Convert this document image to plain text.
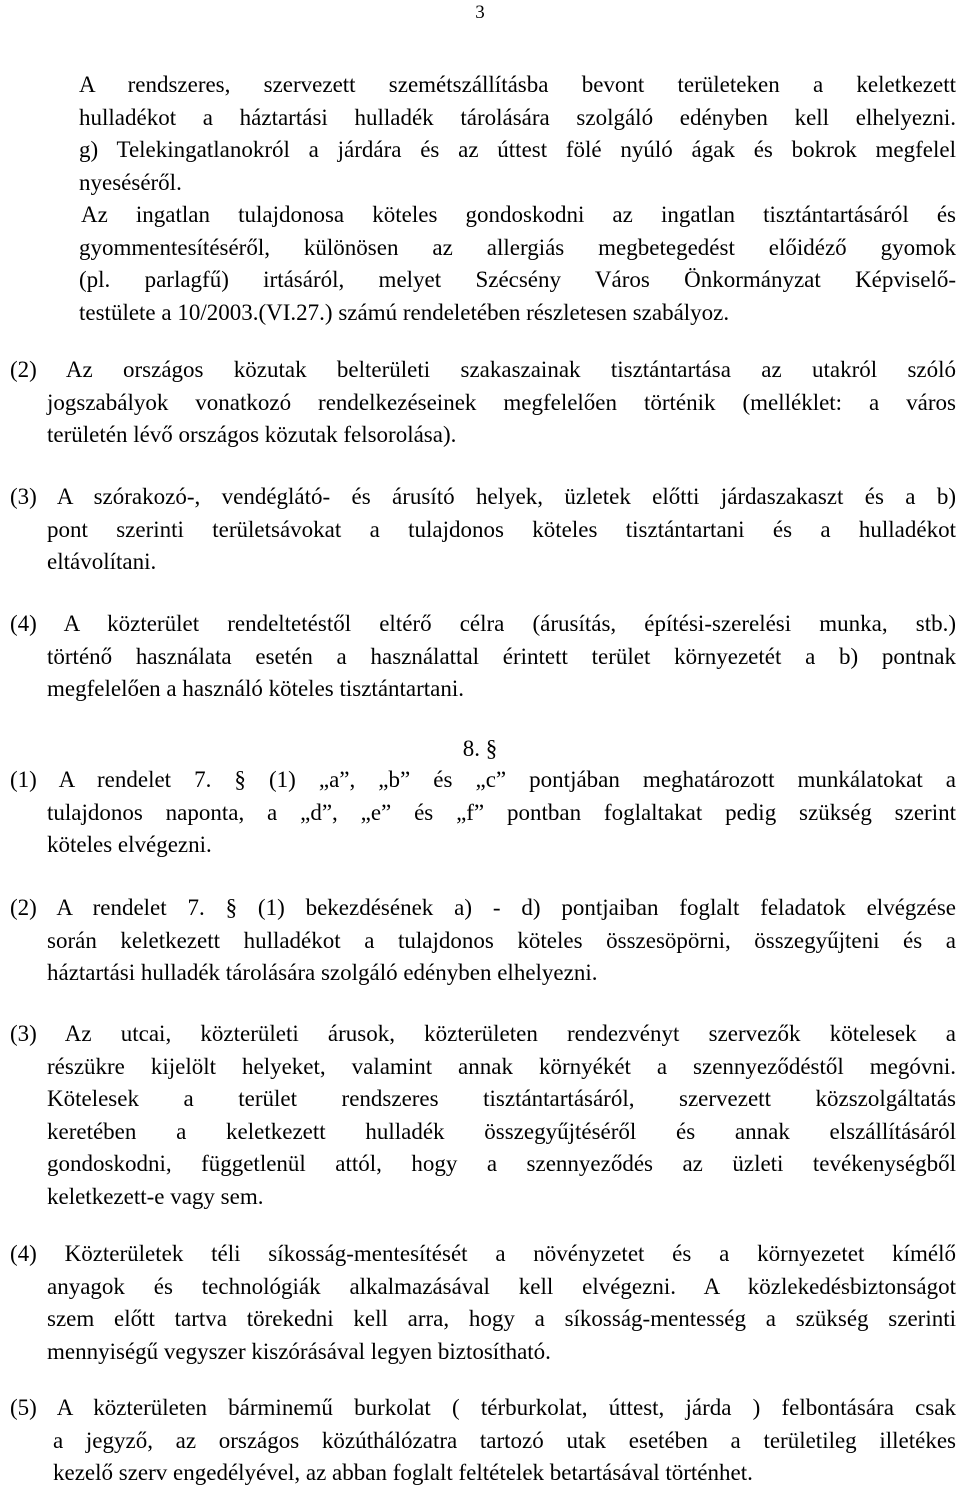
3
A rendszeres, szervezett szemétszállításba bevont területeken a keletkezett
hulladékot a háztartási hulladék tárolására szolgáló edényben kell elhelyezni.
g) Telekingatlanokról a járdára és az úttest fölé nyúló ágak és bokrok megfelel
nyeséséről.
Az ingatlan tulajdonosa köteles gondoskodni az ingatlan tisztántartásáról és
gyommentesítéséről, különösen az allergiás megbetegedést előidéző gyomok
(pl. parlagfű) irtásáról, melyet Szécsény Város Önkormányzat Képviselő-
testülete a 10/2003.(VI.27.) számú rendeletében részletesen szabályoz.
(2) Az országos közutak belterületi szakaszainak tisztántartása az utakról szóló
jogszabályok vonatkozó rendelkezéseinek megfelelően történik (melléklet: a város
területén lévő országos közutak felsorolása).
(3) A szórakozó-, vendéglátó- és árusító helyek, üzletek előtti járdaszakaszt és a b)
pont szerinti területsávokat a tulajdonos köteles tisztántartani és a hulladékot
eltávolítani.
(4) A közterület rendeltetéstől eltérő célra (árusítás, építési-szerelési munka, stb.)
történő használata esetén a használattal érintett terület környezetét a b) pontnak
megfelelően a használó köteles tisztántartani.
8. §
(1) A rendelet 7. § (1) „a”, „b” és „c” pontjában meghatározott munkálatokat a
tulajdonos naponta, a „d”, „e” és „f” pontban foglaltakat pedig szükség szerint
köteles elvégezni.
(2) A rendelet 7. § (1) bekezdésének a) - d) pontjaiban foglalt feladatok elvégzése
során keletkezett hulladékot a tulajdonos köteles összesöpörni, összegyűjteni és a
háztartási hulladék tárolására szolgáló edényben elhelyezni.
(3) Az utcai, közterületi árusok, közterületen rendezvényt szervezők kötelesek a
részükre kijelölt helyeket, valamint annak környékét a szennyeződéstől megóvni.
Kötelesek a terület rendszeres tisztántartásáról, szervezett közszolgáltatás
keretében a keletkezett hulladék összegyűjtéséről és annak elszállításáról
gondoskodni, függetlenül attól, hogy a szennyeződés az üzleti tevékenységből
keletkezett-e vagy sem.
(4) Közterületek téli síkosság-mentesítését a növényzetet és a környezetet kímélő
anyagok és technológiák alkalmazásával kell elvégezni. A közlekedésbiztonságot
szem előtt tartva törekedni kell arra, hogy a síkosság-mentesség a szükség szerinti
mennyiségű vegyszer kiszórásával legyen biztosítható.
(5) A közterületen bárminemű burkolat ( térburkolat, úttest, járda ) felbontására csak
a jegyző, az országos közúthálózatra tartozó utak esetében a területileg illetékes
kezelő szerv engedélyével, az abban foglalt feltételek betartásával történhet.
